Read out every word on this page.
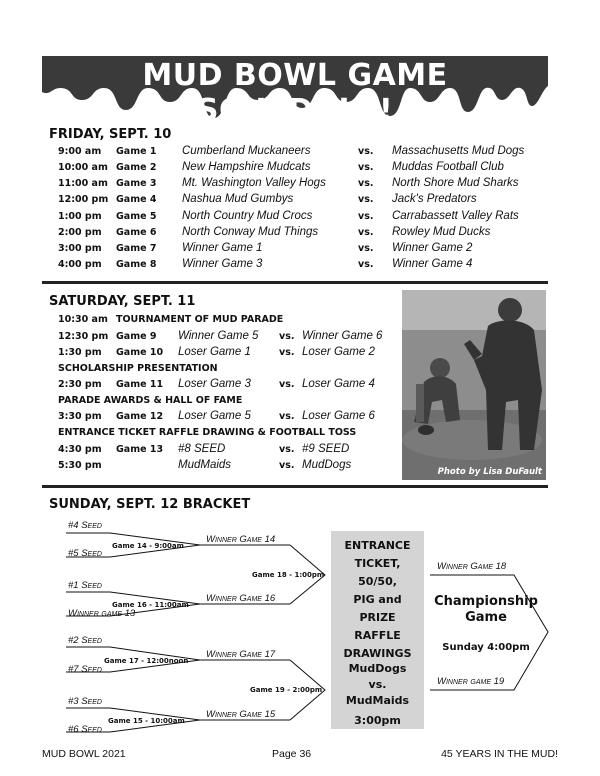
MUD BOWL GAME SCHEDULE!
FRIDAY, SEPT. 10
9:00 am Game 1 Cumberland Muckaneers	vs. Massachusetts Mud Dogs
10:00 am Game 2 New Hampshire Mudcats	vs. Muddas Football Club
11:00 am Game 3 Mt. Washington Valley Hogs	vs. North Shore Mud Sharks
12:00 pm Game 4 Nashua Mud Gumbys	vs. Jack's Predators
1:00 pm Game 5 North Country Mud Crocs	vs. Carrabassett Valley Rats
2:00 pm Game 6 North Conway Mud Things	vs. Rowley Mud Ducks
3:00 pm Game 7 Winner Game 1	vs. Winner Game 2
4:00 pm Game 8 Winner Game 3	vs. Winner Game 4
SATURDAY, SEPT. 11
10:30 am TOURNAMENT OF MUD PARADE
12:30 pm Game 9 Winner Game 5 vs. Winner Game 6
1:30 pm Game 10 Loser Game 1	vs. Loser Game 2
SCHOLARSHIP PRESENTATION
2:30 pm Game 11 Loser Game 3	vs. Loser Game 4
PARADE AWARDS & HALL OF FAME
3:30 pm Game 12 Loser Game 5	vs. Loser Game 6
ENTRANCE TICKET RAFFLE DRAWING & FOOTBALL TOSS
4:30 pm Game 13 #8 SEED	vs. #9 SEED
5:30 pm	MudMaids	vs. MudDogs
Photo by Lisa DuFault
SUNDAY, SEPT. 12 BRACKET
#4 Seed
#5 Seed
Game 14 - 9:00am
Winner Game 14
#1 Seed
Winner game 13
Game 16 - 11:00am
Winner Game 16
Game 18 - 1:00pm
#2 Seed
#7 Seed
Game 17 - 12:00noon
Winner Game 17
Game 19 - 2:00pm
#3 Seed
#6 Seed
Game 15 - 10:00am
Winner Game 15
ENTRANCE
TICKET,
50/50,
PIG and
PRIZE RAFFLE
DRAWINGS
MudDogs
vs.
MudMaids
3:00pm
Winner Game 18
Championship
Game
Sunday 4:00pm
Winner game 19
MUD BOWL 2021	Page 36	45 YEARS IN THE MUD!
